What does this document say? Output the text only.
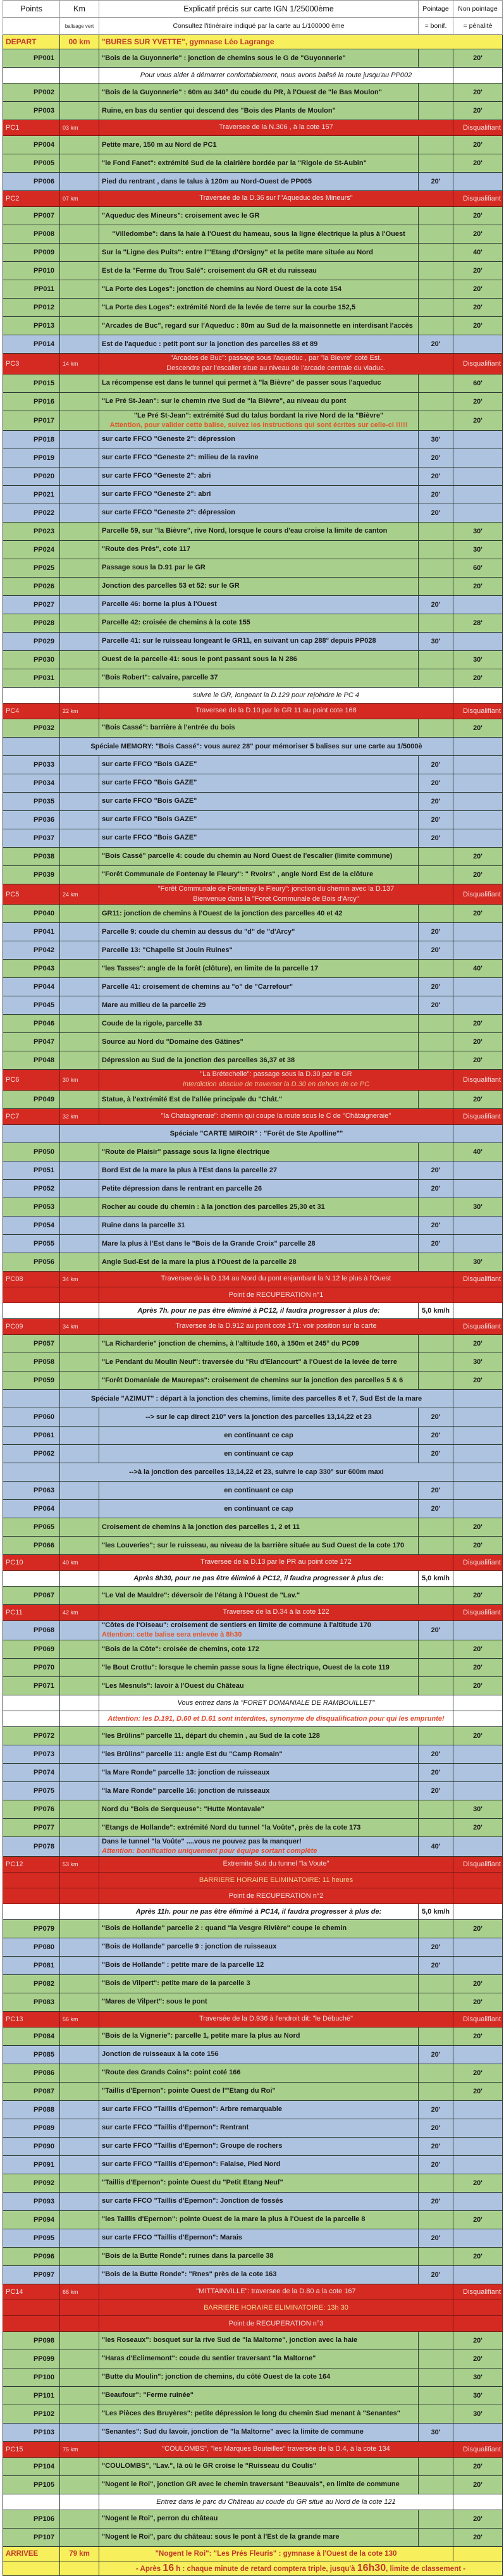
Points	Km	Explicatif précis sur carte IGN 1/25000ème	Pointage	Non pointage
	balisage vert	Consultez l'itinéraire indiqué par la carte au 1/100000 ème	= bonif.	= pénalité
DEPART	00 km	"BURES SUR YVETTE", gymnase Léo Lagrange		
PP001		"Bois de la Guyonnerie" : jonction de chemins sous le G de "Guyonnerie"		20'
		Pour vous aider à démarrer confortablement, nous avons balisé la route jusqu'au PP002		
PP002		"Bois de la Guyonnerie" : 60m au 340° du coude du PR, à l'Ouest de "le Bas Moulon"		20'
PP003		Ruine, en bas du sentier qui descend des "Bois des Plants de Moulon"		20'
PC1	03 km	Traversee de la N.306 , à la cote 157		Disqualifiant
PP004		Petite mare, 150 m au Nord de PC1		20'
PP005		"le Fond Fanet": extrémité Sud de la clairière bordée par la "Rigole de St-Aubin"		20'
PP006		Pied du rentrant , dans le talus à 120m au Nord-Ouest de PP005	20'	
PC2	07 km	Traversée de la D.36 sur l'"Aqueduc des Mineurs"		Disqualifiant
PP007		"Aqueduc des Mineurs": croisement avec le GR		20'
PP008		"Villedombe": dans la haie à l'Ouest du hameau, sous la ligne électrique la plus à l'Ouest		20'
PP009		Sur la "Ligne des Puits": entre l'"Etang d'Orsigny" et la petite mare située au Nord		40'
PP010		Est de la "Ferme du Trou Salé": croisement du GR et du ruisseau		20'
PP011		"La Porte des Loges": jonction de chemins au Nord Ouest de la cote 154		20'
PP012		"La Porte des Loges": extrémité Nord de la levée de terre sur la courbe 152,5		20'
PP013		"Arcades de Buc", regard sur l'Aqueduc : 80m au Sud de la maisonnette en interdisant l'accès		20'
PP014		Est de l'aqueduc : petit pont sur la jonction des parcelles 88 et 89	20'	
PC3	14 km	"Arcades de Buc": passage sous l'aqueduc , par "la Bievre" coté Est.
Descendre par l'escalier situe au niveau de l'arcade centrale du viaduc.		Disqualifiant
PP015		La récompense est dans le tunnel qui permet à "la Bièvre" de passer sous l'aqueduc		60'
PP016		"Le Pré St-Jean": sur le chemin rive Sud de "la Bièvre", au niveau du pont		20'
PP017		"Le Pré St-Jean": extrémité Sud du talus bordant la rive Nord de la "Bièvre"
Attention, pour valider cette balise, suivez les instructions qui sont écrites sur celle-ci !!!!!		20'
PP018		sur carte FFCO "Geneste 2": dépression	30'	
PP019		sur carte FFCO "Geneste 2": milieu de la ravine	20'	
PP020		sur carte FFCO "Geneste 2": abri	20'	
PP021		sur carte FFCO "Geneste 2": abri	20'	
PP022		sur carte FFCO "Geneste 2": dépression	20'	
PP023		Parcelle 59, sur "la Bièvre", rive Nord, lorsque le cours d'eau croise la limite de canton		30'
PP024		"Route des Prés", cote 117		30'
PP025		Passage sous la D.91 par le GR		60'
PP026		Jonction des parcelles 53 et 52: sur le GR		20'
PP027		Parcelle 46: borne la plus à l'Ouest	20'	
PP028		Parcelle 42: croisée de chemins à la cote 155		28'
PP029		Parcelle 41: sur le ruisseau longeant le GR11, en suivant un cap 288° depuis PP028	30'	
PP030		Ouest de la parcelle 41: sous le pont passant sous la N 286		30'
PP031		"Bois Robert": calvaire, parcelle 37		20'
		suivre le GR, longeant la D.129 pour rejoindre le PC 4		
PC4	22 km	Traversee de la D.10 par le GR 11 au point cote 168		Disqualifiant
PP032		"Bois Cassé": barrière à l'entrée du bois		20'
	Spéciale MEMORY: "Bois Cassé": vous aurez 28" pour mémoriser 5 balises sur une carte au 1/5000è			
PP033		sur carte FFCO "Bois GAZE"	20'	
PP034		sur carte FFCO "Bois GAZE"	20'	
PP035		sur carte FFCO "Bois GAZE"	20'	
PP036		sur carte FFCO "Bois GAZE"	20'	
PP037		sur carte FFCO "Bois GAZE"	20'	
PP038		"Bois Cassé" parcelle 4: coude du chemin au Nord Ouest de l'escalier (limite commune)		20'
PP039		"Forêt Communale de Fontenay le Fleury": " Rvoirs" , angle Nord Est de la clôture		20'
PC5	24 km	"Forêt Communale de Fontenay le Fleury": jonction du chemin avec la D.137
Bienvenue dans la "Foret Communale de Bois d'Arcy"		Disqualifiant
PP040		GR11: jonction de chemins à l'Ouest de la jonction des parcelles 40 et 42		20'
PP041		Parcelle 9: coude du chemin au dessus du "d" de "d'Arcy"	20'	
PP042		Parcelle 13: "Chapelle St Jouin Ruines"	20'	
PP043		"les Tasses": angle de la forêt (clôture), en limite de la parcelle 17		40'
PP044		Parcelle 41: croisement de chemins au "o" de "Carrefour"	20'	
PP045		Mare au milieu de la parcelle 29	20'	
PP046		Coude de la rigole, parcelle 33		20'
PP047		Source au Nord du "Domaine des Gâtines"		20'
PP048		Dépression au Sud de la jonction des parcelles 36,37 et 38		20'
PC6	30 km	"La Brétechelle": passage sous la D.30 par le GR
Interdiction absolue de traverser la D.30 en dehors de ce PC		Disqualifiant
PP049		Statue, à l'extrémité Est de l'allée principale du "Chât."		20'
PC7	32 km	"la Chataigneraie": chemin qui coupe la route sous le C de "Châtaigneraie"		Disqualifiant
	Spéciale "CARTE MIROIR" : "Forêt de Ste Apolline""			
PP050		"Route de Plaisir" passage sous la ligne électrique		40'
PP051		Bord Est de la mare la plus à l'Est dans la parcelle 27	20'	
PP052		Petite dépression dans le rentrant en parcelle 26	20'	
PP053		Rocher au coude du chemin : à la jonction des parcelles 25,30 et 31		30'
PP054		Ruine dans la parcelle 31	20'	
PP055		Mare la plus à l'Est dans le "Bois de la Grande Croix" parcelle 28	20'	
PP056		Angle Sud-Est de la mare la plus à l'Ouest de la parcelle 28		30'
PC08	34 km	Traversee de la D.134 au Nord du pont enjambant la N.12 le plus à l'Ouest		Disqualifiant
		Point de RECUPERATION n°1		
		Après 7h. pour ne pas être éliminé à PC12, il faudra progresser à plus de:	5,0 km/h	
PC09	34 km	Traversee de la D.912 au point coté 171: voir position sur la carte		Disqualifiant
PP057		"La Richarderie" jonction de chemins, à l'altitude 160, à 150m et 245° du PC09		20'
PP058		"Le Pendant du Moulin Neuf": traversée du "Ru d'Elancourt" à l'Ouest de la levée de terre		30'
PP059		"Forêt Domaniale de Maurepas": croisement de chemins sur la jonction des parcelles 5 & 6		20'
	Spéciale "AZIMUT" : départ à la jonction des chemins, limite des parcelles 8 et 7, Sud Est de la mare			
PP060		--> sur le cap direct 210° vers la jonction des parcelles 13,14,22 et 23	20'	
PP061		en continuant ce cap	20'	
PP062		en continuant ce cap	20'	
	-->à la jonction des parcelles 13,14,22 et 23, suivre le cap 330° sur 600m maxi			
PP063		en continuant ce cap	20'	
PP064		en continuant ce cap	20'	
PP065		Croisement de chemins à la jonction des parcelles 1, 2 et 11		20'
PP066		"les Louveries"; sur le ruisseau, au niveau de la barrière située au Sud Ouest de la cote 170		20'
PC10	40 km	Traversee de la D.13 par le PR au point cote 172		Disqualifiant
		Après 8h30, pour ne pas être éliminé à PC12, il faudra progresser à plus de:	5,0 km/h	
PP067		"Le Val de Mauldre": déversoir de l'étang à l'Ouest de "Lav."		20'
PC11	42 km	Traversee de la D.34 à la cote 122		Disqualifiant
PP068		"Côtes de l'Oiseau": croisement de sentiers en limite de commune à l'altitude 170
Attention: cette balise sera enlevée à 8h30	20'	
PP069		"Bois de la Côte": croisée de chemins, cote 172		20'
PP070		"le Bout Crottu": lorsque le chemin passe sous la ligne électrique, Ouest de la cote 119		20'
PP071		"Les Mesnuls": lavoir à l'Ouest du Château		20'
		Vous entrez dans la "FORET DOMANIALE DE RAMBOUILLET"		
		Attention: les D.191, D.60 et D.61 sont interdites, synonyme de disqualification pour qui les emprunte!		
PP072		"les Brûlins" parcelle 11, départ du chemin , au Sud de la cote 128		20'
PP073		"les Brûlins" parcelle 11: angle Est du "Camp Romain"	20'	
PP074		"la Mare Ronde" parcelle 13: jonction de ruisseaux	20'	
PP075		"la Mare Ronde" parcelle 16: jonction de ruisseaux	20'	
PP076		Nord du "Bois de Serqueuse": "Hutte Montavale"		30'
PP077		"Etangs de Hollande": extrémité Nord du tunnel "la Voûte", près de la cote 173		20'
PP078		Dans le tunnel "la Voûte" ....vous ne pouvez pas la manquer!
Attention: bonification uniquement pour équipe sortant complète	40'	
PC12	53 km	Extremite Sud du tunnel "la Voute"		Disqualifiant
		BARRIERE HORAIRE ELIMINATOIRE: 11 heures		
		Point de RECUPERATION n°2		
		Après 11h. pour ne pas être éliminé à PC14, il faudra progresser à plus de:	5,0 km/h	
PP079		"Bois de Hollande" parcelle 2 : quand "la Vesgre Rivière" coupe le chemin		20'
PP080		"Bois de Hollande" parcelle 9 : jonction de ruisseaux	20'	
PP081		"Bois de Hollande" : petite mare de la parcelle 12	20'	
PP082		"Bois de Vilpert": petite mare de la parcelle 3		20'
PP083		"Mares de Vilpert": sous le pont		20'
PC13	56 km	Traversée de la D.936 à l'endroit dit: "le Débuché"		Disqualifiant
PP084		"Bois de la Vignerie": parcelle 1, petite mare la plus au Nord		20'
PP085		Jonction de ruisseaux à la cote 156	20'	
PP086		"Route des Grands Coins": point coté 166		20'
PP087		"Taillis d'Epernon": pointe Ouest de l'"Etang du Roi"		20'
PP088		sur carte FFCO "Taillis d'Epernon": Arbre remarquable	20'	
PP089		sur carte FFCO "Taillis d'Epernon": Rentrant	20'	
PP090		sur carte FFCO "Taillis d'Epernon": Groupe de rochers	20'	
PP091		sur carte FFCO "Taillis d'Epernon": Falaise, Pied Nord	20'	
PP092		"Taillis d'Epernon": pointe Ouest du "Petit Etang Neuf"		20'
PP093		sur carte FFCO "Taillis d'Epernon": Jonction de fossés	20'	
PP094		"les Taillis d'Epernon": pointe Ouest de la mare la plus à l'Ouest de la parcelle 8		20'
PP095		sur carte FFCO "Taillis d'Epernon": Marais	20'	
PP096		"Bois de la Butte Ronde": ruines dans la parcelle 38		20'
PP097		"Bois de la Butte Ronde": "Rnes" près de la cote 163	20'	
PC14	66 km	"MITTAINVILLE": traversee de la D.80 a la cote 167		Disqualifiant
		BARRIERE HORAIRE ELIMINATOIRE: 13h 30		
		Point de RECUPERATION n°3		
PP098		"les Roseaux": bosquet sur la rive Sud de "la Maltorne", jonction avec la haie		20'
PP099		"Haras d'Eclimemont": coude du sentier traversant "la Maltorne"		20'
PP100		"Butte du Moulin": jonction de chemins, du côté Ouest de la cote 164		30'
PP101		"Beaufour": "Ferme ruinée"		30'
PP102		"Les Pièces des Bruyères": petite dépression le long du chemin Sud menant à "Senantes"		30'
PP103		"Senantes": Sud du lavoir, jonction de "la Maltorne" avec la limite de commune	30'	
PC15	75 km	"COULOMBS", "les Marques Bouteilles" traversée de la D.4, à la cote 134		Disqualifiant
PP104		"COULOMBS", "Lav.", là où le GR croise le "Ruisseau du Coulis"		20'
PP105		"Nogent le Roi", jonction GR avec le chemin traversant "Beauvais", en limite de commune		20'
		Entrez dans le parc du Château au coude du GR situé au Nord de la cote 121		
PP106		"Nogent le Roi", perron du château		20'
PP107		"Nogent le Roi", parc du château: sous le pont à l'Est de la grande mare		20'
ARRIVEE	79 km	"Nogent le Roi": "Les Prés Fleuris" : gymnase à l'Ouest de la cote 130		
		- Après 16 h : chaque minute de retard comptera triple, jusqu'à 16h30, limite de classement -		
